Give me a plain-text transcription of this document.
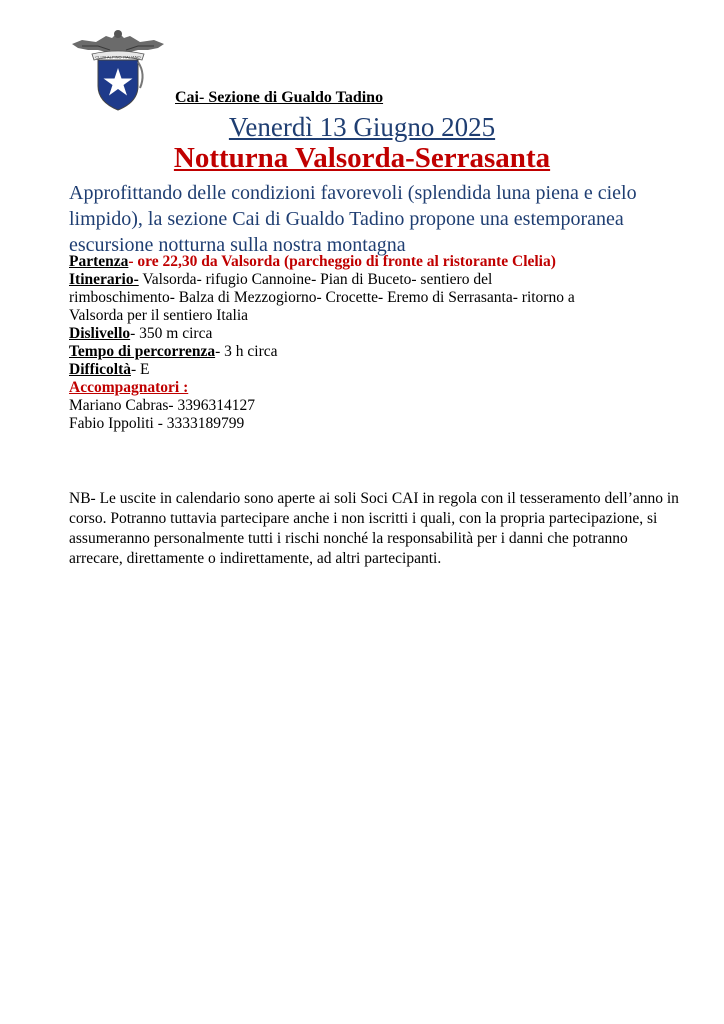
CLUB ALPINO ITALIANO
Cai- Sezione di Gualdo Tadino
Venerdì 13 Giugno 2025
Notturna Valsorda-Serrasanta
Approfittando delle condizioni favorevoli (splendida luna piena e cielo limpido), la sezione Cai di Gualdo Tadino propone una estemporanea escursione notturna sulla nostra montagna
Partenza- ore 22,30 da Valsorda (parcheggio di fronte al ristorante Clelia)
Itinerario- Valsorda- rifugio Cannoine- Pian di Buceto- sentiero del
rimboschimento- Balza di Mezzogiorno- Crocette- Eremo di Serrasanta- ritorno a
Valsorda per il sentiero Italia
Dislivello- 350 m circa
Tempo di percorrenza- 3 h circa
Difficoltà- E
Accompagnatori :
Mariano Cabras- 3396314127
Fabio Ippoliti - 3333189799
NB- Le uscite in calendario sono aperte ai soli Soci CAI in regola con il tesseramento dell’anno in corso. Potranno tuttavia partecipare anche i non iscritti i quali, con la propria partecipazione, si assumeranno personalmente tutti i rischi nonché la responsabilità per i danni che potranno arrecare, direttamente o indirettamente, ad altri partecipanti.
